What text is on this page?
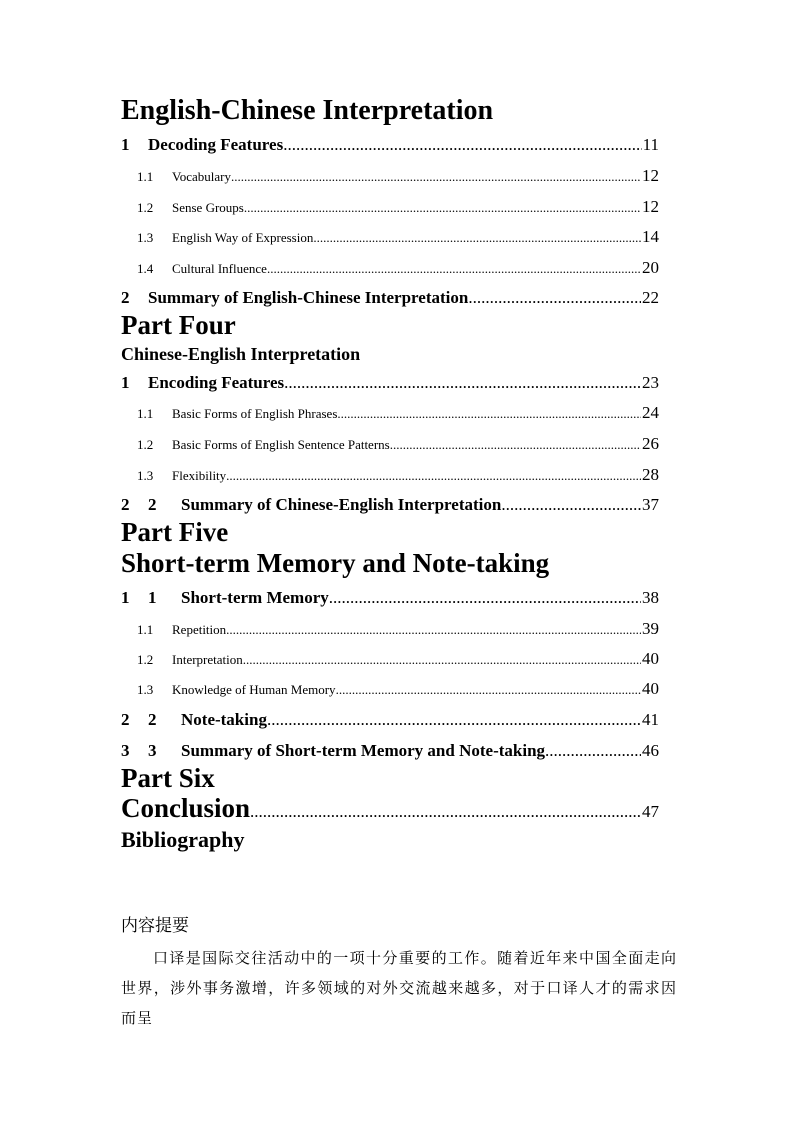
English-Chinese Interpretation
1	Decoding Features .....	11
1.1	Vocabulary .....	12
1.2	Sense Groups .....	12
1.3	English Way of Expression .....	14
1.4	Cultural Influence .....	20
2	Summary of English-Chinese Interpretation .....	22
Part Four
Chinese-English Interpretation
1	Encoding Features .....	23
1.1	Basic Forms of English Phrases .....	24
1.2	Basic Forms of English Sentence Patterns .....	26
1.3	Flexibility .....	28
2	2	Summary of Chinese-English Interpretation .....	37
Part Five
Short-term Memory and Note-taking
1	1	Short-term Memory .....	38
1.1	Repetition .....	39
1.2	Interpretation .....	40
1.3	Knowledge of Human Memory .....	40
2	2	Note-taking .....	41
3	3	Summary of Short-term Memory and Note-taking .....	46
Part Six
Conclusion .....	47
Bibliography
内容提要
口译是国际交往活动中的一项十分重要的工作。随着近年来中国全面走向世界，涉外事务激增，许多领域的对外交流越来越多，对于口译人才的需求因而呈
